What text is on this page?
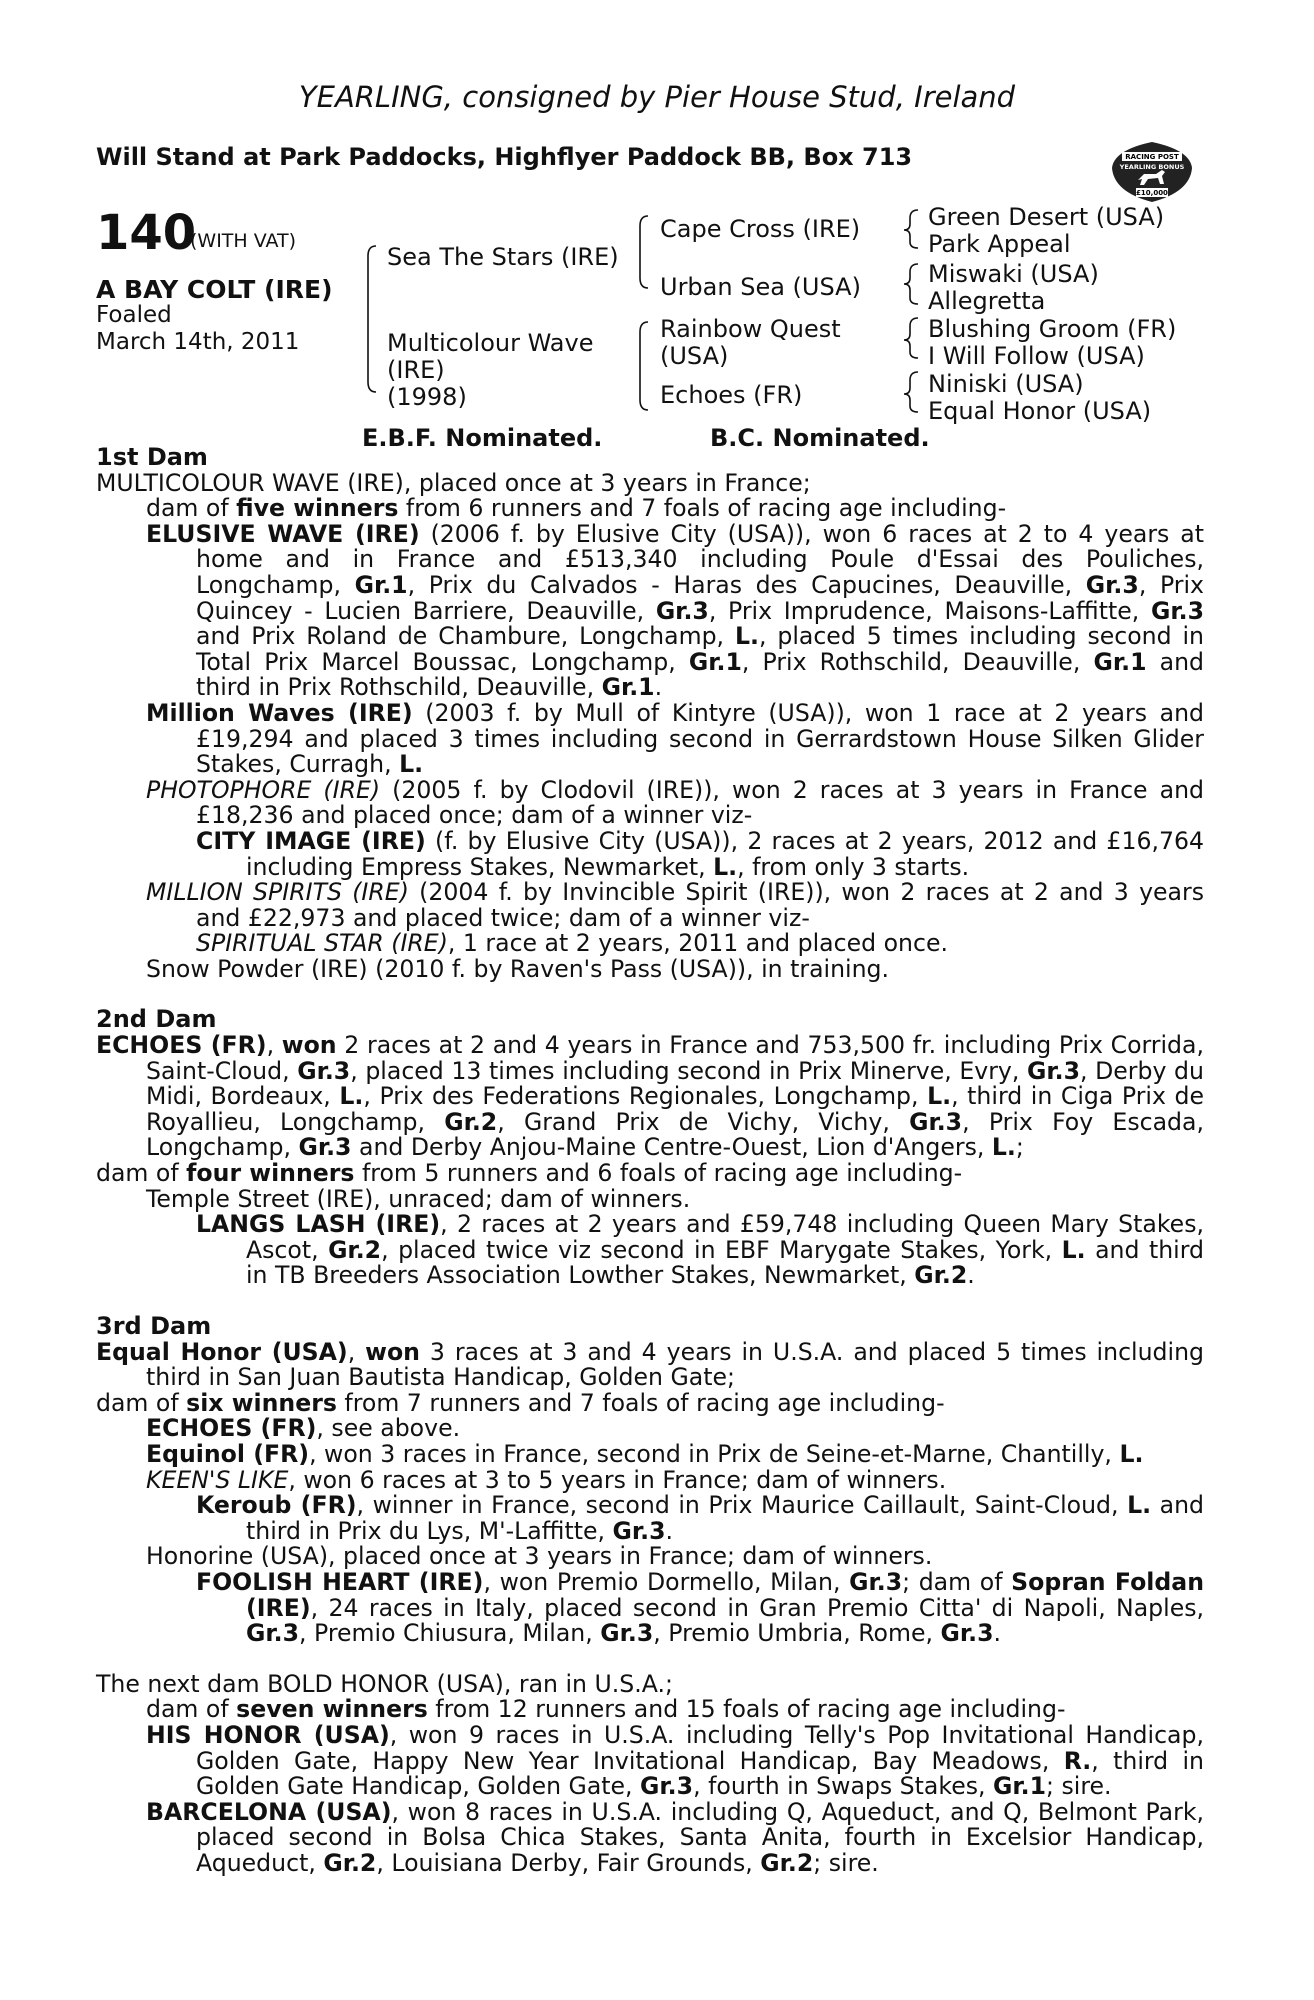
YEARLING, consigned by Pier House Stud, Ireland
Will Stand at Park Paddocks, Highflyer Paddock BB, Box 713	RACING POST
YEARLING BONUS
£10,000
140
(WITH VAT)
A BAY COLT (IRE)
Foaled
March 14th, 2011
Sea The Stars (IRE)
Multicolour Wave
(IRE)
(1998)
Cape Cross (IRE)
Urban Sea (USA)
Rainbow Quest
(USA)
Echoes (FR)
Green Desert (USA)
Park Appeal
Miswaki (USA)
Allegretta
Blushing Groom (FR)
I Will Follow (USA)
Niniski (USA)
Equal Honor (USA)
E.B.F. Nominated.	B.C. Nominated.
1st Dam

MULTICOLOUR WAVE (IRE), placed once at 3 years in France;
dam of five winners from 6 runners and 7 foals of racing age including-

ELUSIVE WAVE (IRE) (2006 f. by Elusive City (USA)), won 6 races at 2 to 4 years at home and in France and £513,340 including Poule d'Essai des Pouliches, Longchamp, Gr.1, Prix du Calvados - Haras des Capucines, Deauville, Gr.3, Prix Quincey - Lucien Barriere, Deauville, Gr.3, Prix Imprudence, Maisons-Laffitte, Gr.3 and Prix Roland de Chambure, Longchamp, L., placed 5 times including second in Total Prix Marcel Boussac, Longchamp, Gr.1, Prix Rothschild, Deauville, Gr.1 and third in Prix Rothschild, Deauville, Gr.1.

Million Waves (IRE) (2003 f. by Mull of Kintyre (USA)), won 1 race at 2 years and £19,294 and placed 3 times including second in Gerrardstown House Silken Glider Stakes, Curragh, L.

PHOTOPHORE (IRE) (2005 f. by Clodovil (IRE)), won 2 races at 3 years in France and £18,236 and placed once; dam of a winner viz-

CITY IMAGE (IRE) (f. by Elusive City (USA)), 2 races at 2 years, 2012 and £16,764 including Empress Stakes, Newmarket, L., from only 3 starts.

MILLION SPIRITS (IRE) (2004 f. by Invincible Spirit (IRE)), won 2 races at 2 and 3 years and £22,973 and placed twice; dam of a winner viz-

SPIRITUAL STAR (IRE), 1 race at 2 years, 2011 and placed once.

Snow Powder (IRE) (2010 f. by Raven's Pass (USA)), in training.

2nd Dam

ECHOES (FR), won 2 races at 2 and 4 years in France and 753,500 fr. including Prix Corrida, Saint-Cloud, Gr.3, placed 13 times including second in Prix Minerve, Evry, Gr.3, Derby du Midi, Bordeaux, L., Prix des Federations Regionales, Longchamp, L., third in Ciga Prix de Royallieu, Longchamp, Gr.2, Grand Prix de Vichy, Vichy, Gr.3, Prix Foy Escada, Longchamp, Gr.3 and Derby Anjou-Maine Centre-Ouest, Lion d'Angers, L.;

dam of four winners from 5 runners and 6 foals of racing age including-

Temple Street (IRE), unraced; dam of winners.

LANGS LASH (IRE), 2 races at 2 years and £59,748 including Queen Mary Stakes, Ascot, Gr.2, placed twice viz second in EBF Marygate Stakes, York, L. and third in TB Breeders Association Lowther Stakes, Newmarket, Gr.2.

3rd Dam

Equal Honor (USA), won 3 races at 3 and 4 years in U.S.A. and placed 5 times including third in San Juan Bautista Handicap, Golden Gate;

dam of six winners from 7 runners and 7 foals of racing age including-

ECHOES (FR), see above.

Equinol (FR), won 3 races in France, second in Prix de Seine-et-Marne, Chantilly, L.

KEEN'S LIKE, won 6 races at 3 to 5 years in France; dam of winners.

Keroub (FR), winner in France, second in Prix Maurice Caillault, Saint-Cloud, L. and third in Prix du Lys, M'-Laffitte, Gr.3.

Honorine (USA), placed once at 3 years in France; dam of winners.

FOOLISH HEART (IRE), won Premio Dormello, Milan, Gr.3; dam of Sopran Foldan (IRE), 24 races in Italy, placed second in Gran Premio Citta' di Napoli, Naples, Gr.3, Premio Chiusura, Milan, Gr.3, Premio Umbria, Rome, Gr.3.

The next dam BOLD HONOR (USA), ran in U.S.A.;
dam of seven winners from 12 runners and 15 foals of racing age including-

HIS HONOR (USA), won 9 races in U.S.A. including Telly's Pop Invitational Handicap, Golden Gate, Happy New Year Invitational Handicap, Bay Meadows, R., third in Golden Gate Handicap, Golden Gate, Gr.3, fourth in Swaps Stakes, Gr.1; sire.

BARCELONA (USA), won 8 races in U.S.A. including Q, Aqueduct, and Q, Belmont Park, placed second in Bolsa Chica Stakes, Santa Anita, fourth in Excelsior Handicap, Aqueduct, Gr.2, Louisiana Derby, Fair Grounds, Gr.2; sire.
